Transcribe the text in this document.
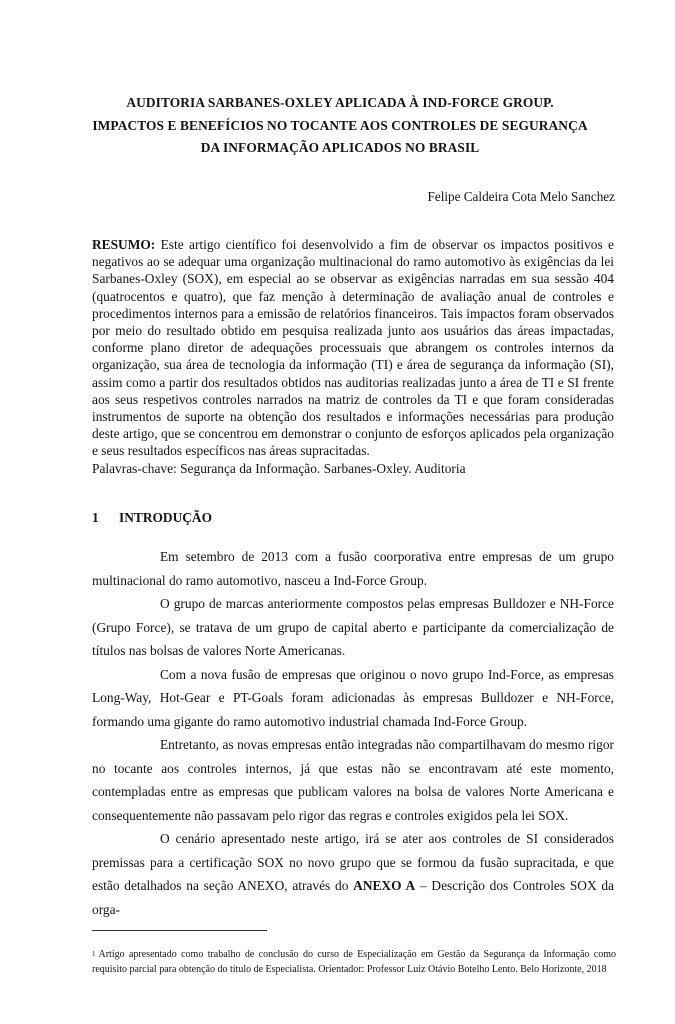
AUDITORIA SARBANES-OXLEY APLICADA À IND-FORCE GROUP.
IMPACTOS E BENEFÍCIOS NO TOCANTE AOS CONTROLES DE SEGURANÇA
DA INFORMAÇÃO APLICADOS NO BRASIL
Felipe Caldeira Cota Melo Sanchez
RESUMO: Este artigo científico foi desenvolvido a fim de observar os impactos positivos e negativos ao se adequar uma organização multinacional do ramo automotivo às exigências da lei Sarbanes-Oxley (SOX), em especial ao se observar as exigências narradas em sua sessão 404 (quatrocentos e quatro), que faz menção à determinação de avaliação anual de controles e procedimentos internos para a emissão de relatórios financeiros. Tais impactos foram observados por meio do resultado obtido em pesquisa realizada junto aos usuários das áreas impactadas, conforme plano diretor de adequações processuais que abrangem os controles internos da organização, sua área de tecnologia da informação (TI) e área de segurança da informação (SI), assim como a partir dos resultados obtidos nas auditorias realizadas junto a área de TI e SI frente aos seus respetivos controles narrados na matriz de controles da TI e que foram consideradas instrumentos de suporte na obtenção dos resultados e informações necessárias para produção deste artigo, que se concentrou em demonstrar o conjunto de esforços aplicados pela organização e seus resultados específicos nas áreas supracitadas.
Palavras-chave: Segurança da Informação. Sarbanes-Oxley. Auditoria
1 INTRODUÇÃO

Em setembro de 2013 com a fusão coorporativa entre empresas de um grupo multinacional do ramo automotivo, nasceu a Ind-Force Group.

O grupo de marcas anteriormente compostos pelas empresas Bulldozer e NH-Force (Grupo Force), se tratava de um grupo de capital aberto e participante da comercialização de títulos nas bolsas de valores Norte Americanas.

Com a nova fusão de empresas que originou o novo grupo Ind-Force, as empresas Long-Way, Hot-Gear e PT-Goals foram adicionadas às empresas Bulldozer e NH-Force, formando uma gigante do ramo automotivo industrial chamada Ind-Force Group.

Entretanto, as novas empresas então integradas não compartilhavam do mesmo rigor no tocante aos controles internos, já que estas não se encontravam até este momento, contempladas entre as empresas que publicam valores na bolsa de valores Norte Americana e consequentemente não passavam pelo rigor das regras e controles exigidos pela lei SOX.

O cenário apresentado neste artigo, irá se ater aos controles de SI considerados premissas para a certificação SOX no novo grupo que se formou da fusão supracitada, e que estão detalhados na seção ANEXO, através do ANEXO A – Descrição dos Controles SOX da orga-

$^1$ Artigo apresentado como trabalho de conclusão do curso de Especialização em Gestão da Segurança da Informação como requisito parcial para obtenção do título de Especialista. Orientador: Professor Luiz Otávio Botelho Lento. Belo Horizonte, 2018
